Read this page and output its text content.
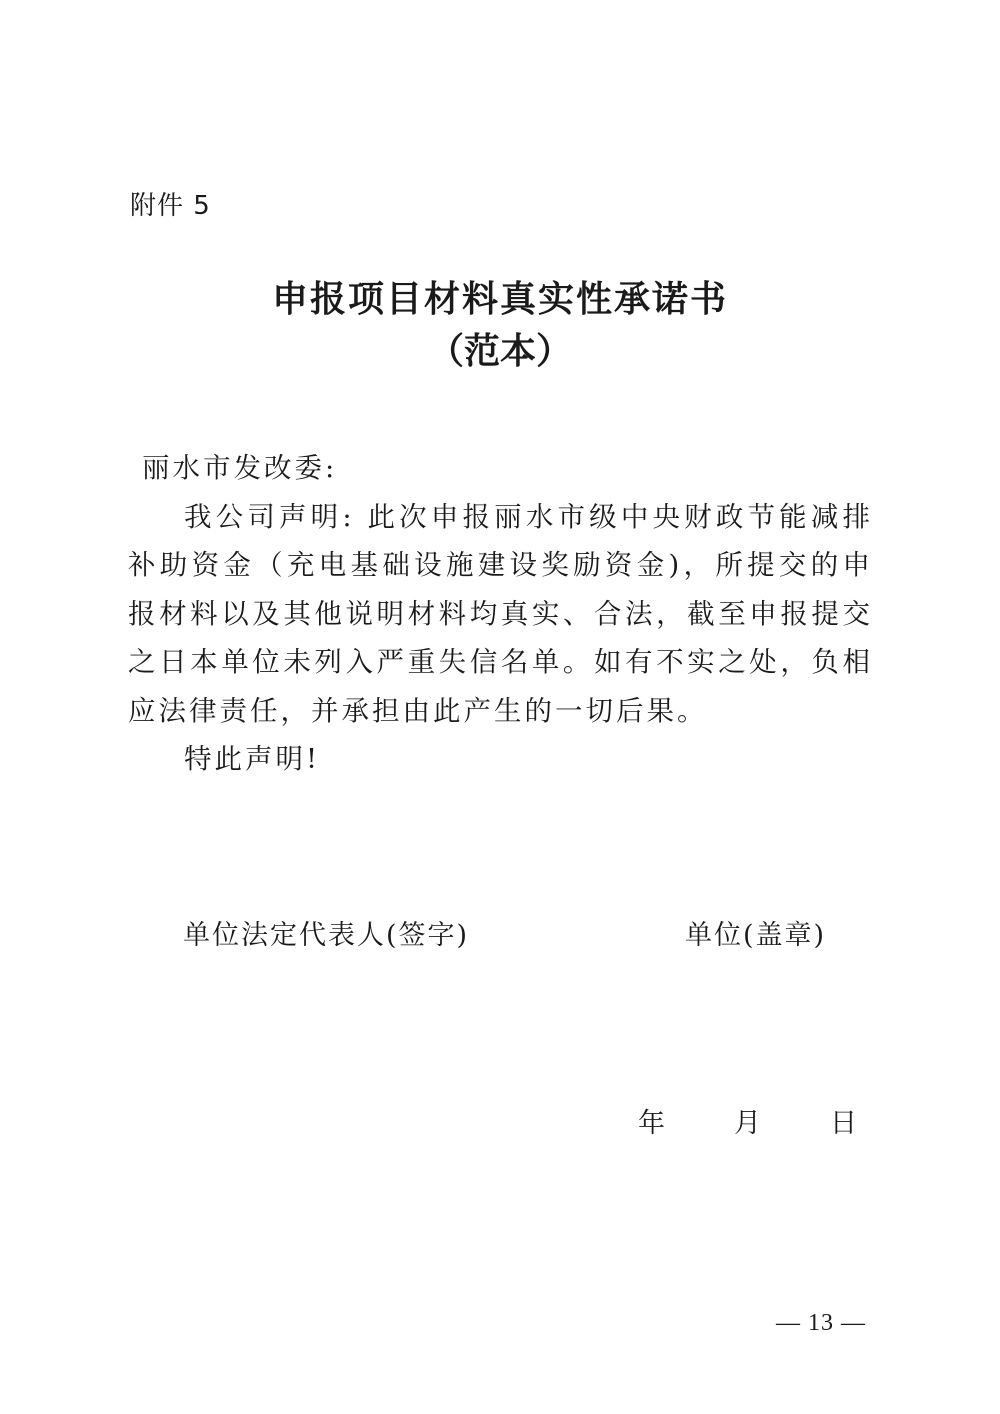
附件 5
申报项目材料真实性承诺书
（范本）

丽水市发改委:

我公司声明: 此次申报丽水市级中央财政节能减排补助资金（充电基础设施建设奖励资金)，所提交的申报材料以及其他说明材料均真实、合法，截至申报提交之日本单位未列入严重失信名单。如有不实之处，负相应法律责任，并承担由此产生的一切后果。

特此声明!

单位法定代表人(签字)	单位(盖章)
年	月	日
— 13 —
